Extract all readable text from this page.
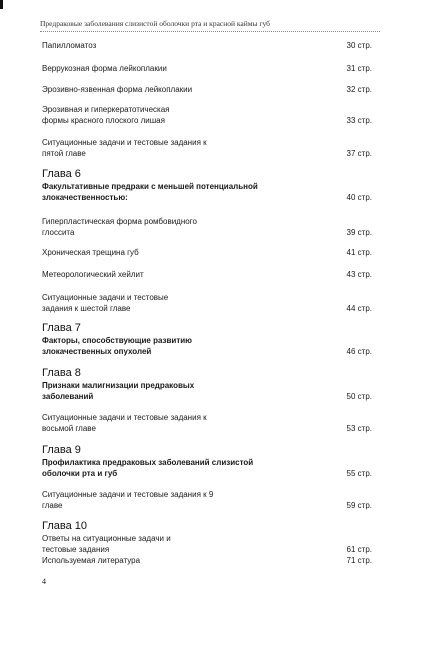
Предраковые заболевания слизистой оболочки рта и красной каймы губ
Папилломатоз	30 стр.
Веррукозная форма лейкоплакии	31 стр.
Эрозивно-язвенная форма лейкоплакии	32 стр.
Эрозивная и гиперкератотическая формы красного плоского лишая	33 стр.
Ситуационные задачи и тестовые задания к пятой главе	37 стр.
Глава 6
Факультативные предраки с меньшей потенциальной злокачественностью:	40 стр.
Гиперпластическая форма ромбовидного глоссита	39 стр.
Хроническая трещина губ	41 стр.
Метеорологический хейлит	43 стр.
Ситуационные задачи и тестовые задания к шестой главе	44 стр.
Глава 7
Факторы, способствующие развитию злокачественных опухолей	46 стр.
Глава 8
Признаки малигнизации предраковых заболеваний	50 стр.
Ситуационные задачи и тестовые задания к восьмой главе	53 стр.
Глава 9
Профилактика предраковых заболеваний слизистой оболочки рта и губ	55 стр.
Ситуационные задачи и тестовые задания к 9 главе	59 стр.
Глава 10
Ответы на ситуационные задачи и тестовые задания	61 стр.
Используемая литература	71 стр.
4
